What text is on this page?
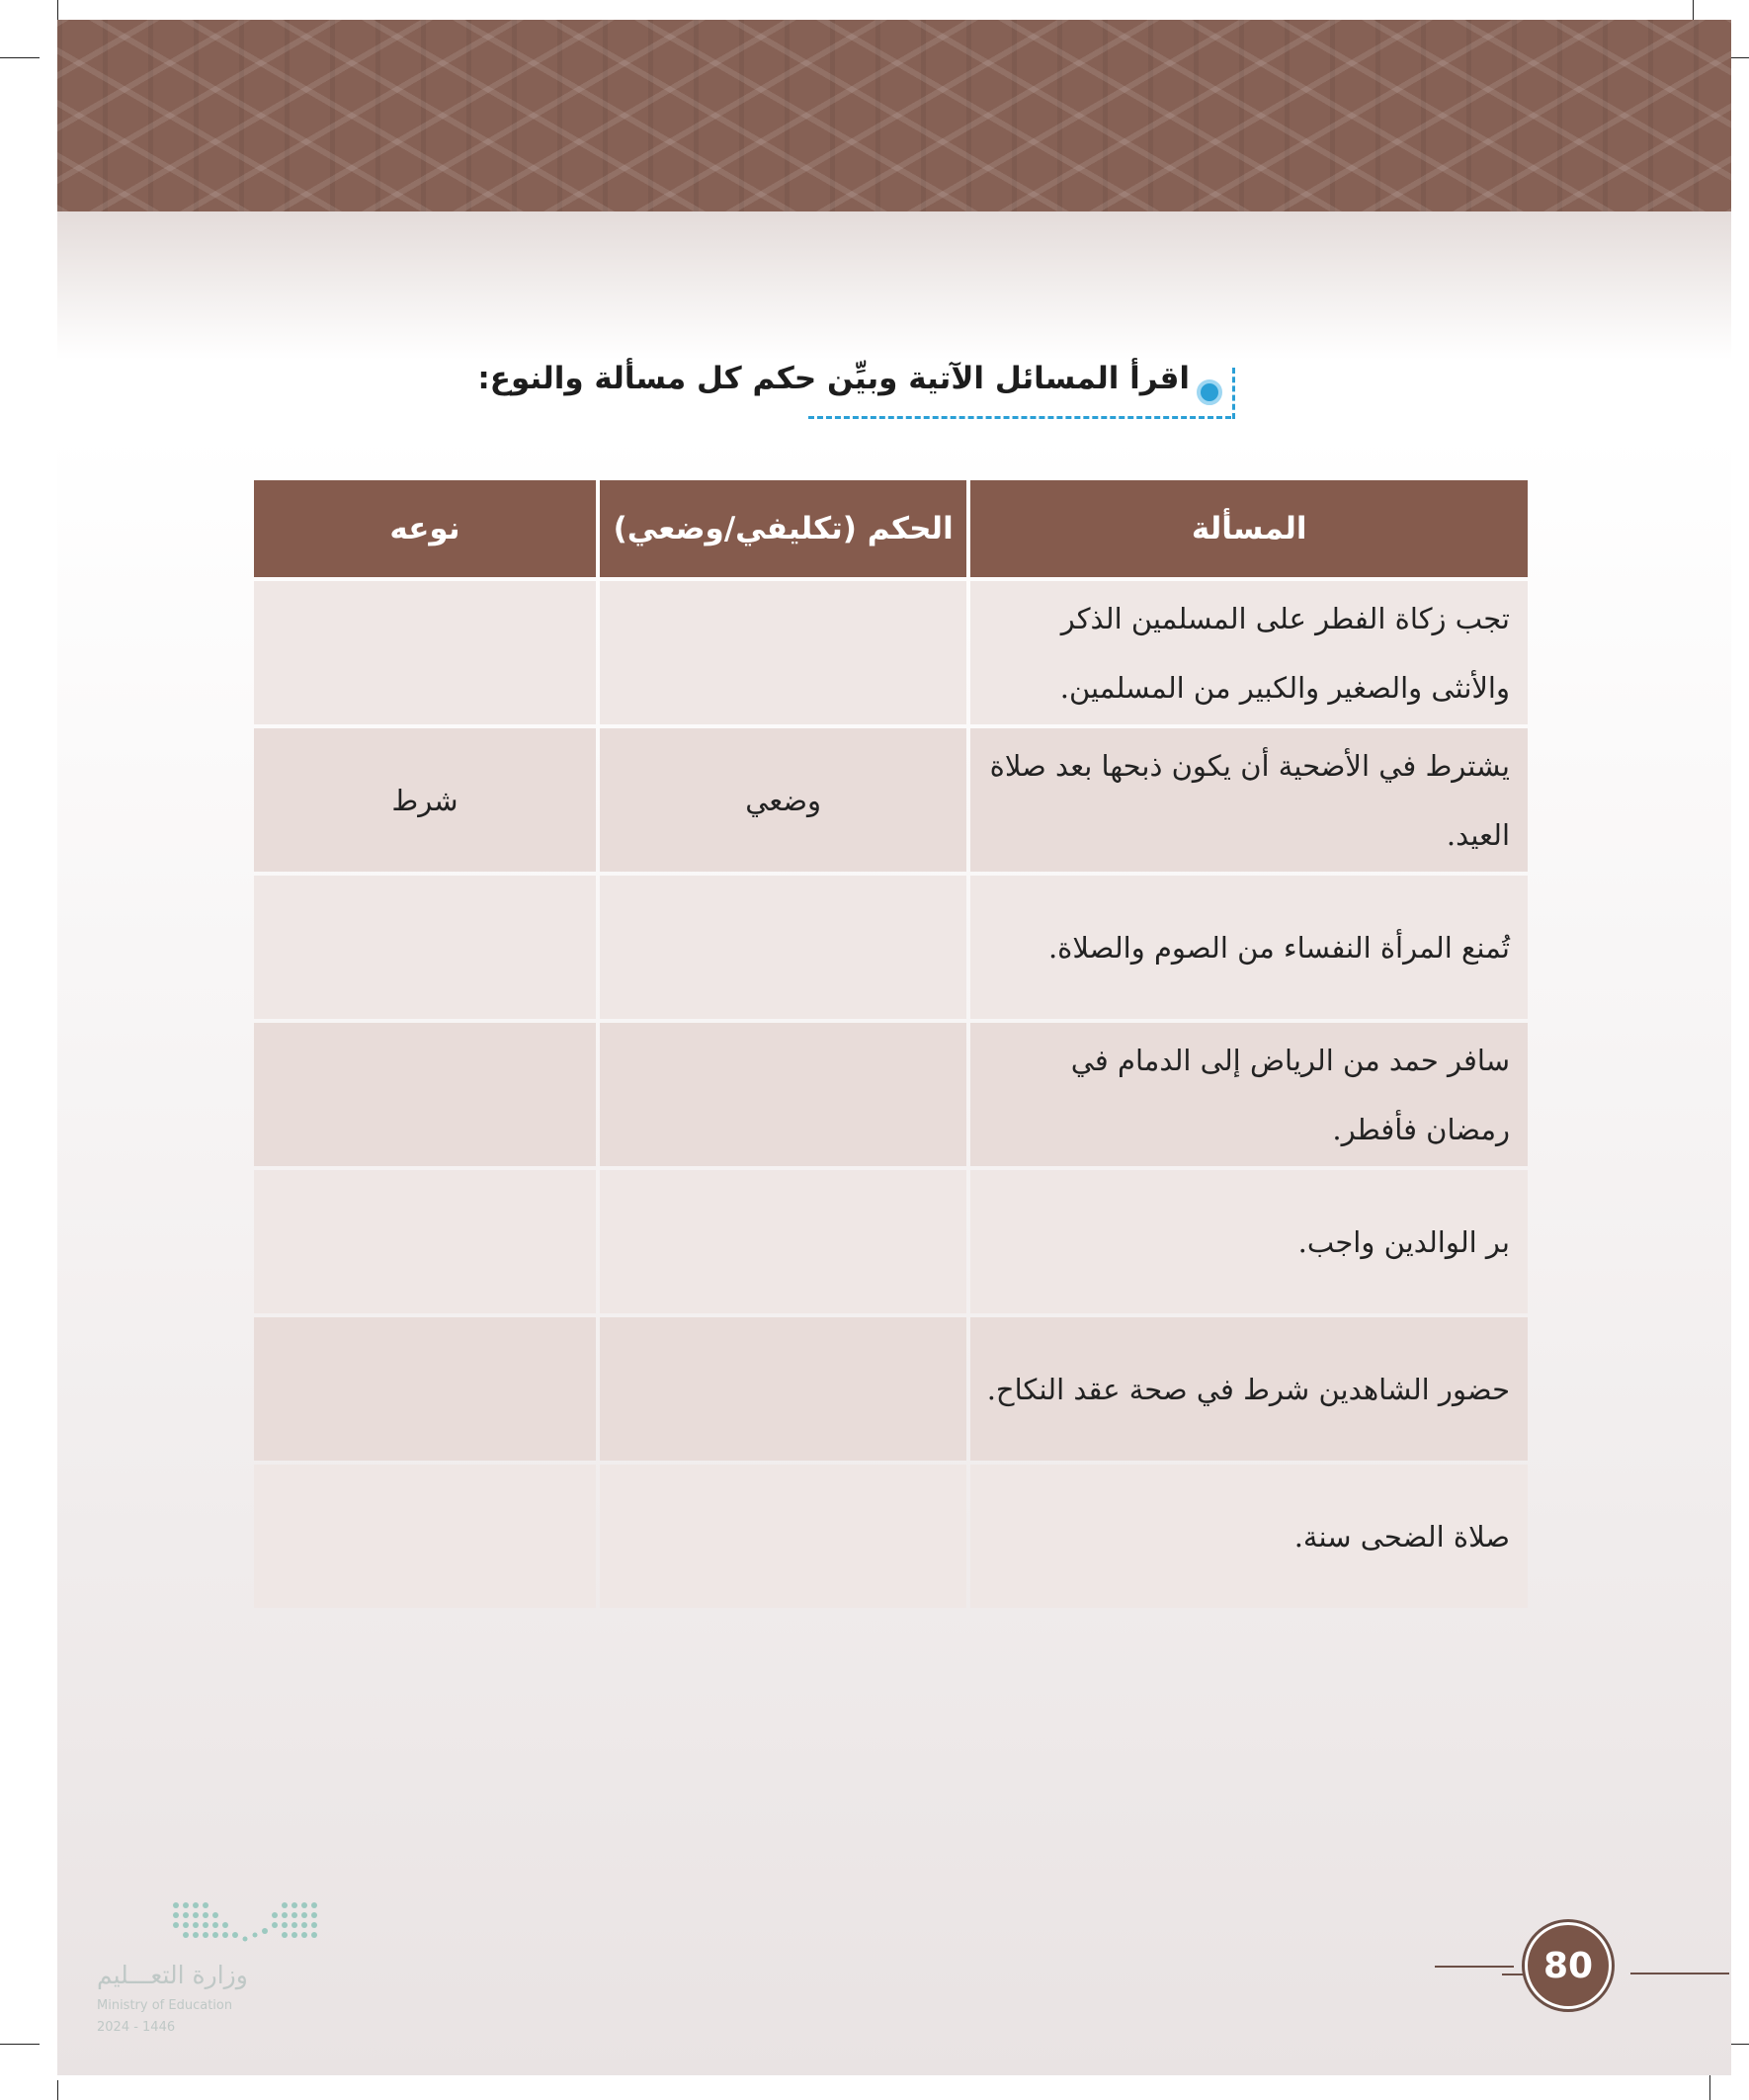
اقرأ المسائل الآتية وبيِّن حكم كل مسألة والنوع:
المسألة	الحكم (تكليفي/وضعي)	نوعه
تجب زكاة الفطر على المسلمين الذكر والأنثى والصغير والكبير من المسلمين.		
يشترط في الأضحية أن يكون ذبحها بعد صلاة العيد.	وضعي	شرط
تُمنع المرأة النفساء من الصوم والصلاة.		
سافر حمد من الرياض إلى الدمام في رمضان فأفطر.		
بر الوالدين واجب.		
حضور الشاهدين شرط في صحة عقد النكاح.		
صلاة الضحى سنة.		
وزارة التعـــليم
Ministry of Education
2024 - 1446
80
